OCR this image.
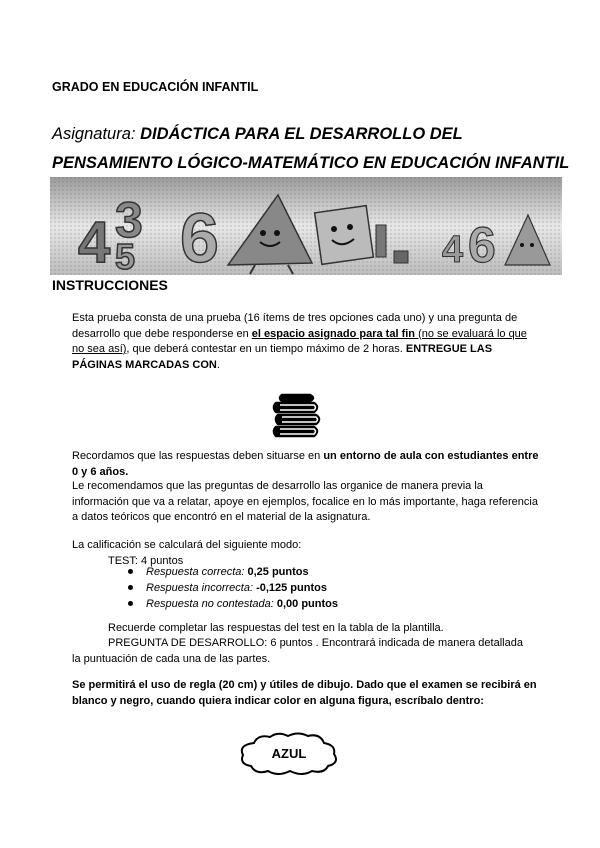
GRADO EN EDUCACIÓN INFANTIL
Asignatura: DIDÁCTICA PARA EL DESARROLLO DEL PENSAMIENTO LÓGICO-MATEMÁTICO EN EDUCACIÓN INFANTIL
4 3
5 6	4 6
INSTRUCCIONES
Esta prueba consta de una prueba (16 ítems de tres opciones cada uno) y una pregunta de desarrollo que debe responderse en el espacio asignado para tal fin (no se evaluará lo que no sea así), que deberá contestar en un tiempo máximo de 2 horas. ENTREGUE LAS PÁGINAS MARCADAS CON.
Recordamos que las respuestas deben situarse en un entorno de aula con estudiantes entre 0 y 6 años.
Le recomendamos que las preguntas de desarrollo las organice de manera previa la información que va a relatar, apoye en ejemplos, focalice en lo más importante, haga referencia a datos teóricos que encontró en el material de la asignatura.
La calificación se calculará del siguiente modo:
TEST: 4 puntos
Respuesta correcta: 0,25 puntos
Respuesta incorrecta: -0,125 puntos
Respuesta no contestada: 0,00 puntos
Recuerde completar las respuestas del test en la tabla de la plantilla.
PREGUNTA DE DESARROLLO: 6 puntos . Encontrará indicada de manera detallada
la puntuación de cada una de las partes.
Se permitirá el uso de regla (20 cm) y útiles de dibujo. Dado que el examen se recibirá en blanco y negro, cuando quiera indicar color en alguna figura, escríbalo dentro:
AZUL
